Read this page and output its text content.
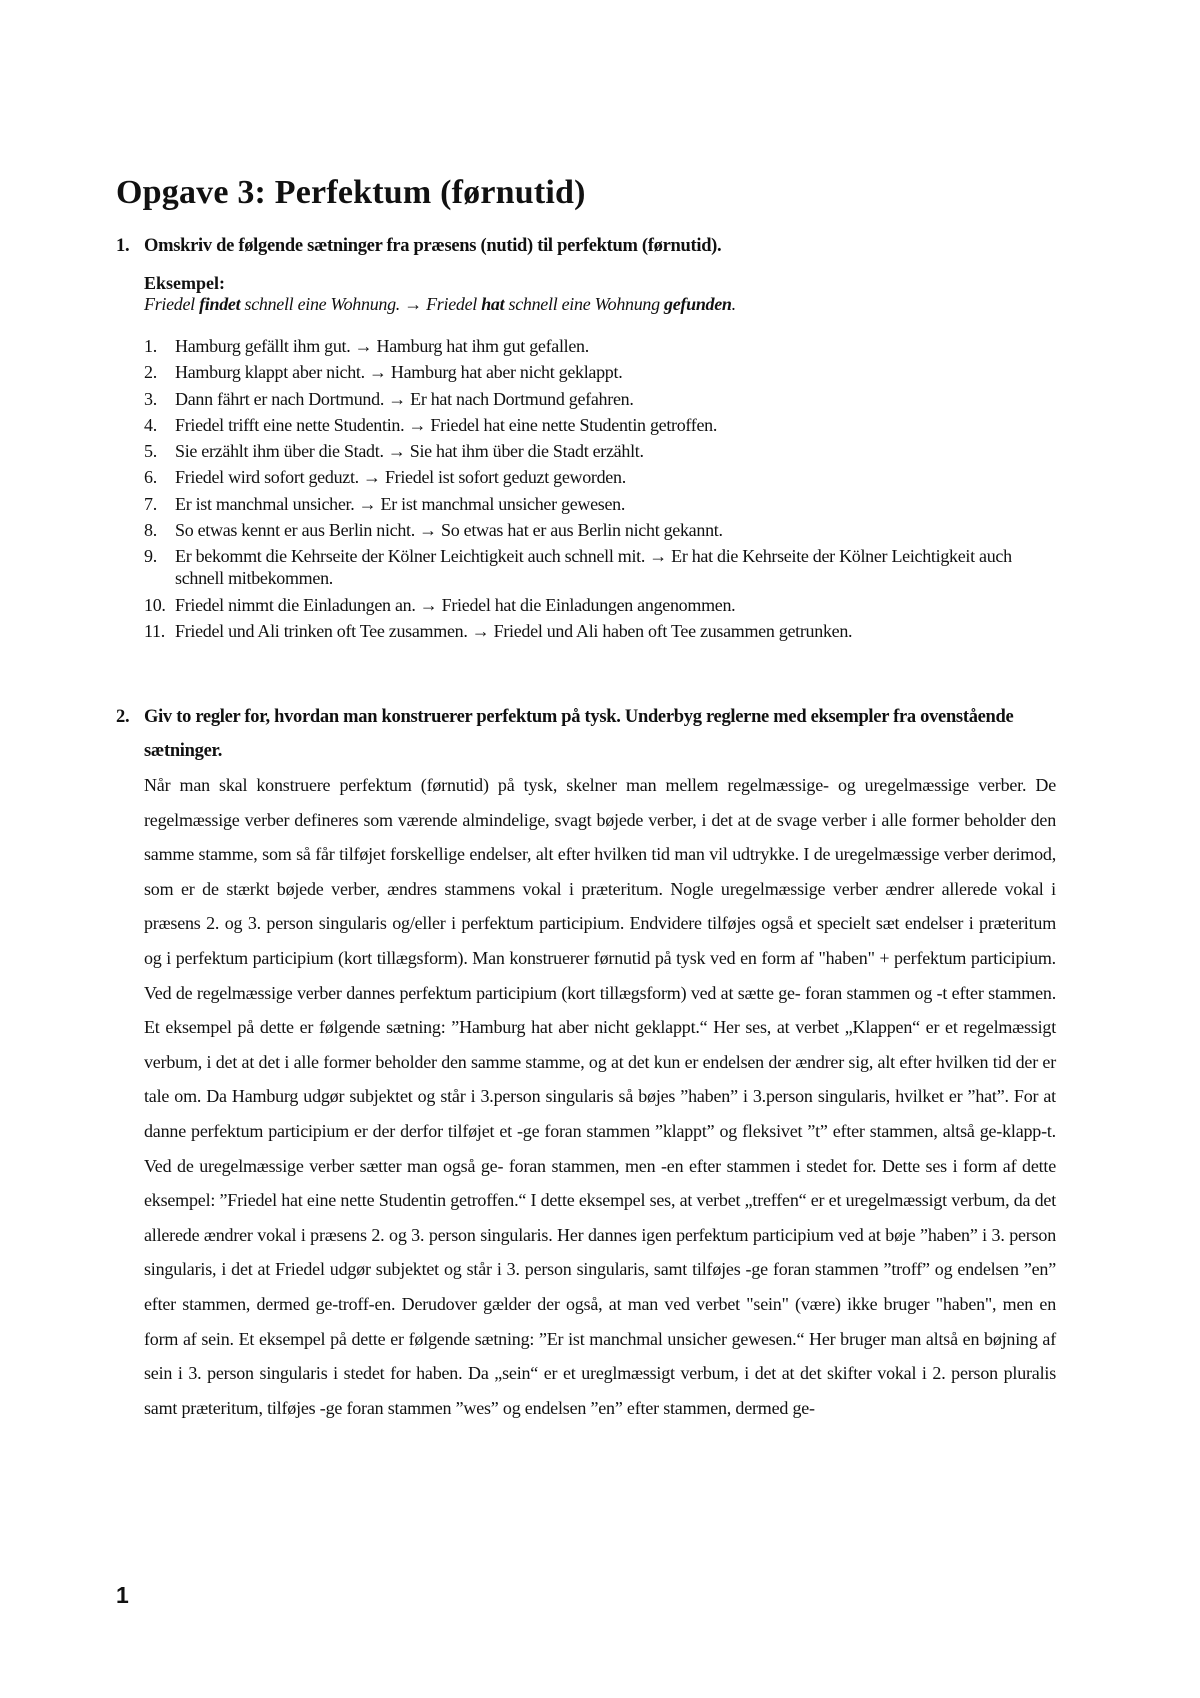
Opgave 3: Perfektum (førnutid)
1. Omskriv de følgende sætninger fra præsens (nutid) til perfektum (førnutid).
Eksempel:
Friedel findet schnell eine Wohnung. → Friedel hat schnell eine Wohnung gefunden.
1.	Hamburg gefällt ihm gut. → Hamburg hat ihm gut gefallen.
2.	Hamburg klappt aber nicht. → Hamburg hat aber nicht geklappt.
3.	Dann fährt er nach Dortmund. → Er hat nach Dortmund gefahren.
4.	Friedel trifft eine nette Studentin. → Friedel hat eine nette Studentin getroffen.
5.	Sie erzählt ihm über die Stadt. → Sie hat ihm über die Stadt erzählt.
6.	Friedel wird sofort geduzt. → Friedel ist sofort geduzt geworden.
7.	Er ist manchmal unsicher. → Er ist manchmal unsicher gewesen.
8.	So etwas kennt er aus Berlin nicht. → So etwas hat er aus Berlin nicht gekannt.
9.	Er bekommt die Kehrseite der Kölner Leichtigkeit auch schnell mit. → Er hat die Kehrseite der Kölner Leichtigkeit auch schnell mitbekommen.
10. Friedel nimmt die Einladungen an. → Friedel hat die Einladungen angenommen.
11. Friedel und Ali trinken oft Tee zusammen. → Friedel und Ali haben oft Tee zusammen getrunken.
2. Giv to regler for, hvordan man konstruerer perfektum på tysk. Underbyg reglerne med eksempler fra ovenstående sætninger.

Når man skal konstruere perfektum (førnutid) på tysk, skelner man mellem regelmæssige- og uregelmæssige verber. De regelmæssige verber defineres som værende almindelige, svagt bøjede verber, i det at de svage verber i alle former beholder den samme stamme, som så får tilføjet forskellige endelser, alt efter hvilken tid man vil udtrykke. I de uregelmæssige verber derimod, som er de stærkt bøjede verber, ændres stammens vokal i præteritum. Nogle uregelmæssige verber ændrer allerede vokal i præsens 2. og 3. person singularis og/eller i perfektum participium. Endvidere tilføjes også et specielt sæt endelser i præteritum og i perfektum participium (kort tillægsform). Man konstruerer førnutid på tysk ved en form af "haben" + perfektum participium. Ved de regelmæssige verber dannes perfektum participium (kort tillægsform) ved at sætte ge- foran stammen og -t efter stammen. Et eksempel på dette er følgende sætning: ”Hamburg hat aber nicht geklappt.“ Her ses, at verbet „Klappen“ er et regelmæssigt verbum, i det at det i alle former beholder den samme stamme, og at det kun er endelsen der ændrer sig, alt efter hvilken tid der er tale om. Da Hamburg udgør subjektet og står i 3.person singularis så bøjes ”haben” i 3.person singularis, hvilket er ”hat”. For at danne perfektum participium er der derfor tilføjet et -ge foran stammen ”klappt” og fleksivet ”t” efter stammen, altså ge-klapp-t. Ved de uregelmæssige verber sætter man også ge- foran stammen, men -en efter stammen i stedet for. Dette ses i form af dette eksempel: ”Friedel hat eine nette Studentin getroffen.“ I dette eksempel ses, at verbet „treffen“ er et uregelmæssigt verbum, da det allerede ændrer vokal i præsens 2. og 3. person singularis. Her dannes igen perfektum participium ved at bøje ”haben” i 3. person singularis, i det at Friedel udgør subjektet og står i 3. person singularis, samt tilføjes -ge foran stammen ”troff” og endelsen ”en” efter stammen, dermed ge-troff-en. Derudover gælder der også, at man ved verbet "sein" (være) ikke bruger "haben", men en form af sein. Et eksempel på dette er følgende sætning: ”Er ist manchmal unsicher gewesen.“ Her bruger man altså en bøjning af sein i 3. person singularis i stedet for haben. Da „sein“ er et ureglmæssigt verbum, i det at det skifter vokal i 2. person pluralis samt præteritum, tilføjes -ge foran stammen ”wes” og endelsen ”en” efter stammen, dermed ge-

1
